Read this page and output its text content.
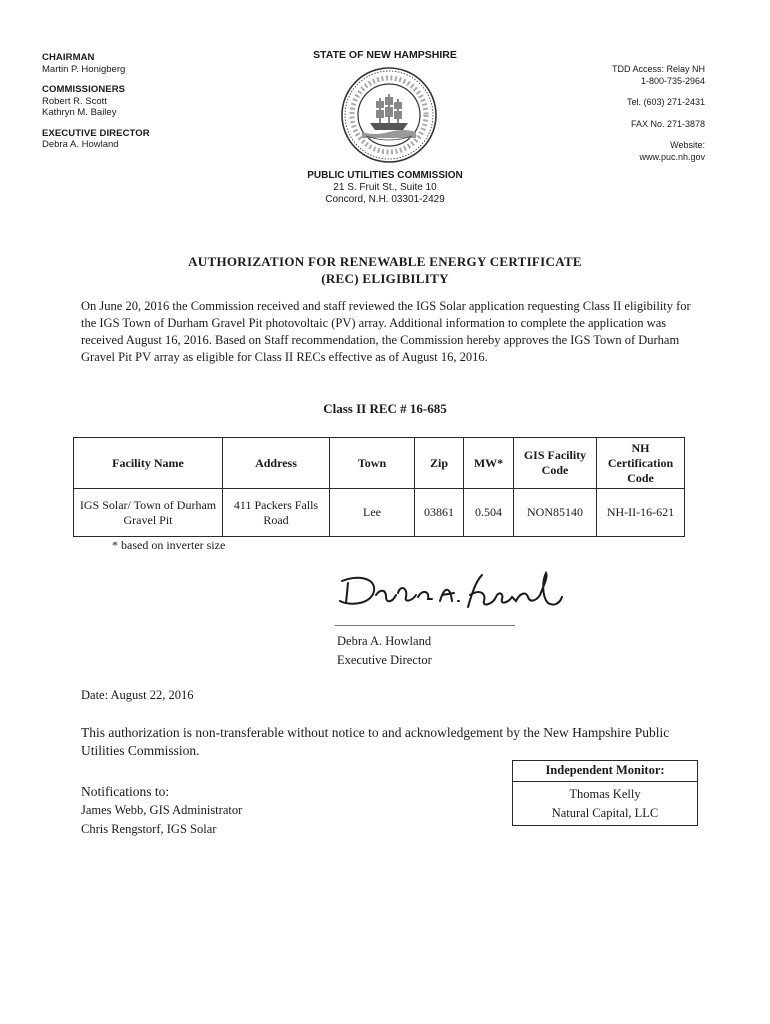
CHAIRMAN
Martin P. Honigberg
COMMISSIONERS
Robert R. Scott
Kathryn M. Bailey
EXECUTIVE DIRECTOR
Debra A. Howland
STATE OF NEW HAMPSHIRE
PUBLIC UTILITIES COMMISSION
21 S. Fruit St., Suite 10
Concord, N.H. 03301-2429
TDD Access: Relay NH
1-800-735-2964
Tel. (603) 271-2431
FAX No. 271-3878
Website:
www.puc.nh.gov
AUTHORIZATION FOR RENEWABLE ENERGY CERTIFICATE
(REC) ELIGIBILITY
On June 20, 2016 the Commission received and staff reviewed the IGS Solar application requesting Class II eligibility for the IGS Town of Durham Gravel Pit photovoltaic (PV) array. Additional information to complete the application was received August 16, 2016. Based on Staff recommendation, the Commission hereby approves the IGS Town of Durham Gravel Pit PV array as eligible for Class II RECs effective as of August 16, 2016.
Class II REC # 16-685
Facility Name	Address	Town	Zip	MW*	GIS Facility Code	NH Certification Code
IGS Solar/ Town of Durham Gravel Pit	411 Packers Falls Road	Lee	03861	0.504	NON85140	NH-II-16-621
* based on inverter size
Debra A. Howland
Executive Director
Date: August 22, 2016
This authorization is non-transferable without notice to and acknowledgement by the New Hampshire Public Utilities Commission.
Notifications to:
James Webb, GIS Administrator
Chris Rengstorf, IGS Solar
Independent Monitor:
Thomas Kelly
Natural Capital, LLC
